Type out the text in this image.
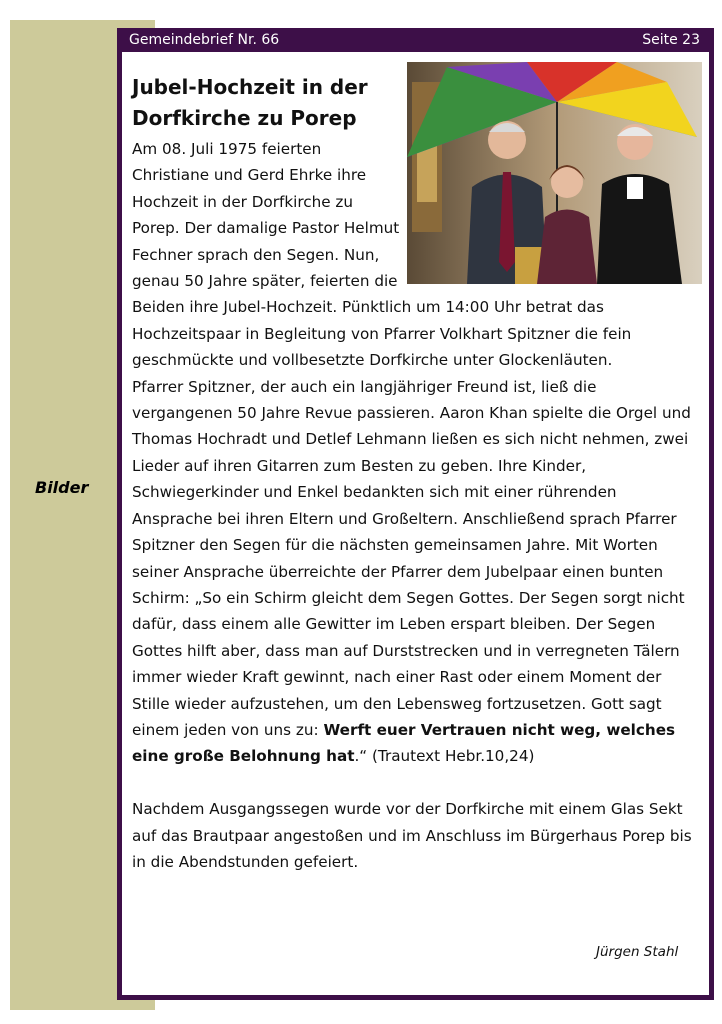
Bilder
Gemeindebrief Nr. 66	Seite 23
Jubel-Hochzeit in der Dorfkirche zu Porep

Am 08. Juli 1975 feierten Christiane und Gerd Ehrke ihre Hochzeit in der Dorfkirche zu Porep. Der damalige Pastor Helmut Fechner sprach den Segen. Nun, genau 50 Jahre später, feierten die Beiden ihre Jubel-Hochzeit. Pünktlich um 14:00 Uhr betrat das Hochzeitspaar in Begleitung von Pfarrer Volkhart Spitzner die fein geschmückte und vollbesetzte Dorfkirche unter Glockenläuten.

Pfarrer Spitzner, der auch ein langjähriger Freund ist, ließ die vergangenen 50 Jahre Revue passieren. Aaron Khan spielte die Orgel und Thomas Hochradt und Detlef Lehmann ließen es sich nicht nehmen, zwei Lieder auf ihren Gitarren zum Besten zu geben. Ihre Kinder, Schwiegerkinder und Enkel bedankten sich mit einer rührenden Ansprache bei ihren Eltern und Großeltern. Anschließend sprach Pfarrer Spitzner den Segen für die nächsten gemeinsamen Jahre. Mit Worten seiner Ansprache überreichte der Pfarrer dem Jubelpaar einen bunten Schirm: „So ein Schirm gleicht dem Segen Gottes. Der Segen sorgt nicht dafür, dass einem alle Gewitter im Leben erspart bleiben. Der Segen Gottes hilft aber, dass man auf Durststrecken und in verregneten Tälern immer wieder Kraft gewinnt, nach einer Rast oder einem Moment der Stille wieder aufzustehen, um den Lebensweg fortzusetzen. Gott sagt einem jeden von uns zu: Werft euer Vertrauen nicht weg, welches eine große Belohnung hat.“ (Trautext Hebr.10,24)

Nachdem Ausgangssegen wurde vor der Dorfkirche mit einem Glas Sekt auf das Brautpaar angestoßen und im Anschluss im Bürgerhaus Porep bis in die Abendstunden gefeiert.

Jürgen Stahl
